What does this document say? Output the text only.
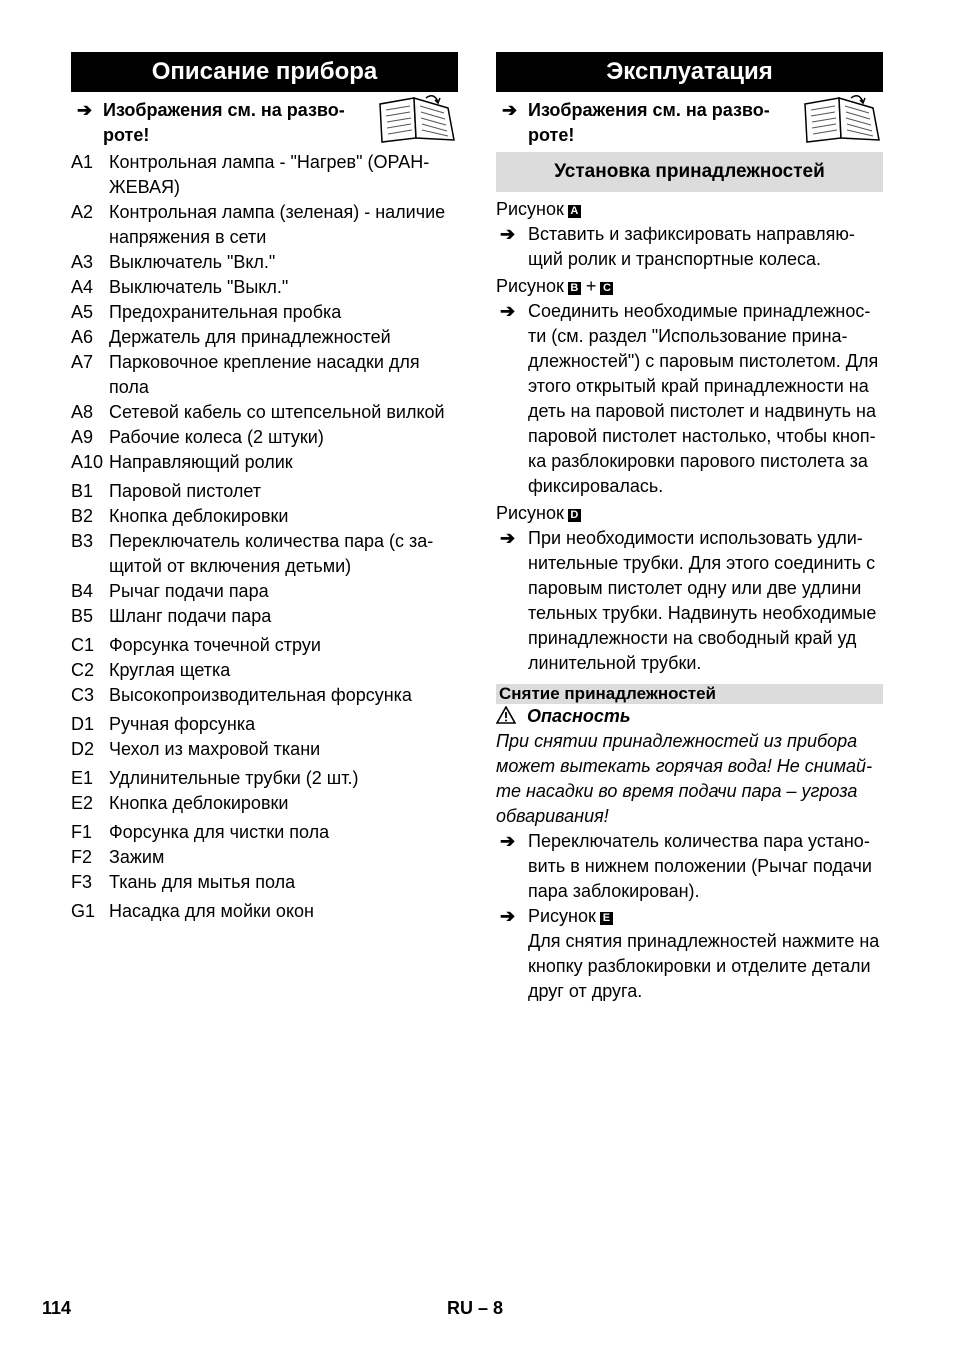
Описание прибора
➔ Изображения см. на разво-роте!
A1 Контрольная лампа - "Нагрев" (ОРАН-ЖЕВАЯ)
A2 Контрольная лампа (зеленая) - наличие напряжения в сети
A3 Выключатель "Вкл."
A4 Выключатель "Выкл."
A5 Предохранительная пробка
A6 Держатель для принадлежностей
A7 Парковочное крепление насадки для пола
A8 Сетевой кабель со штепсельной вилкой
A9 Рабочие колеса (2 штуки)
A10 Направляющий ролик
B1 Паровой пистолет
B2 Кнопка деблокировки
B3 Переключатель количества пара (с за-щитой от включения детьми)
B4 Рычаг подачи пара
B5 Шланг подачи пара
C1 Форсунка точечной струи
C2 Круглая щетка
C3 Высокопроизводительная форсунка
D1 Ручная форсунка
D2 Чехол из махровой ткани
E1 Удлинительные трубки (2 шт.)
E2 Кнопка деблокировки
F1 Форсунка для чистки пола
F2 Зажим
F3 Ткань для мытья пола
G1 Насадка для мойки окон
Эксплуатация
➔ Изображения см. на разво-роте!
Установка принадлежностей
Рисунок A
➔ Вставить и зафиксировать направляю-щий ролик и транспортные колеса.
Рисунок B + C
➔ Соединить необходимые принадлежнос-ти (см. раздел "Использование прина-длежностей") с паровым пистолетом. Для этого открытый край принадлежности на деть на паровой пистолет и надвинуть на паровой пистолет настолько, чтобы кноп-ка разблокировки парового пистолета за фиксировалась.
Рисунок D
➔ При необходимости использовать удли-нительные трубки. Для этого соединить с паровым пистолет одну или две удлини тельных трубки. Надвинуть необходимые принадлежности на свободный край уд линительной трубки.
Снятие принадлежностей
Опасность
При снятии принадлежностей из прибора может вытекать горячая вода! Не снимай-те насадки во время подачи пара – угроза обваривания!
➔ Переключатель количества пара устано-вить в нижнем положении (Рычаг подачи пара заблокирован).
➔ Рисунок E
Для снятия принадлежностей нажмите на кнопку разблокировки и отделите детали друг от друга.
114	RU – 8
